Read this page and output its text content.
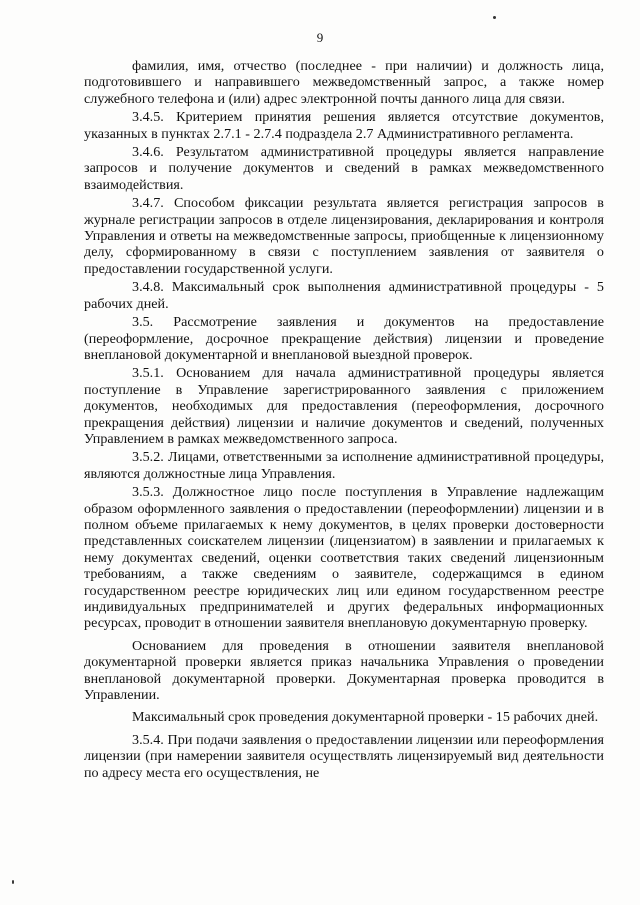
9

фамилия, имя, отчество (последнее - при наличии) и должность лица, подготовившего и направившего межведомственный запрос, а также номер служебного телефона и (или) адрес электронной почты данного лица для связи.

3.4.5. Критерием принятия решения является отсутствие документов, указанных в пунктах 2.7.1 - 2.7.4 подраздела 2.7 Административного регламента.

3.4.6. Результатом административной процедуры является направление запросов и получение документов и сведений в рамках межведомственного взаимодействия.

3.4.7. Способом фиксации результата является регистрация запросов в журнале регистрации запросов в отделе лицензирования, декларирования и контроля Управления и ответы на межведомственные запросы, приобщенные к лицензионному делу, сформированному в связи с поступлением заявления от заявителя о предоставлении государственной услуги.

3.4.8. Максимальный срок выполнения административной процедуры - 5 рабочих дней.

3.5. Рассмотрение заявления и документов на предоставление (переоформление, досрочное прекращение действия) лицензии и проведение внеплановой документарной и внеплановой выездной проверок.

3.5.1. Основанием для начала административной процедуры является поступление в Управление зарегистрированного заявления с приложением документов, необходимых для предоставления (переоформления, досрочного прекращения действия) лицензии и наличие документов и сведений, полученных Управлением в рамках межведомственного запроса.

3.5.2. Лицами, ответственными за исполнение административной процедуры, являются должностные лица Управления.

3.5.3. Должностное лицо после поступления в Управление надлежащим образом оформленного заявления о предоставлении (переоформлении) лицензии и в полном объеме прилагаемых к нему документов, в целях проверки достоверности представленных соискателем лицензии (лицензиатом) в заявлении и прилагаемых к нему документах сведений, оценки соответствия таких сведений лицензионным требованиям, а также сведениям о заявителе, содержащимся в едином государственном реестре юридических лиц или едином государственном реестре индивидуальных предпринимателей и других федеральных информационных ресурсах, проводит в отношении заявителя внеплановую документарную проверку.

Основанием для проведения в отношении заявителя внеплановой документарной проверки является приказ начальника Управления о проведении внеплановой документарной проверки. Документарная проверка проводится в Управлении.

Максимальный срок проведения документарной проверки - 15 рабочих дней.

3.5.4. При подачи заявления о предоставлении лицензии или переоформления лицензии (при намерении заявителя осуществлять лицензируемый вид деятельности по адресу места его осуществления, не
